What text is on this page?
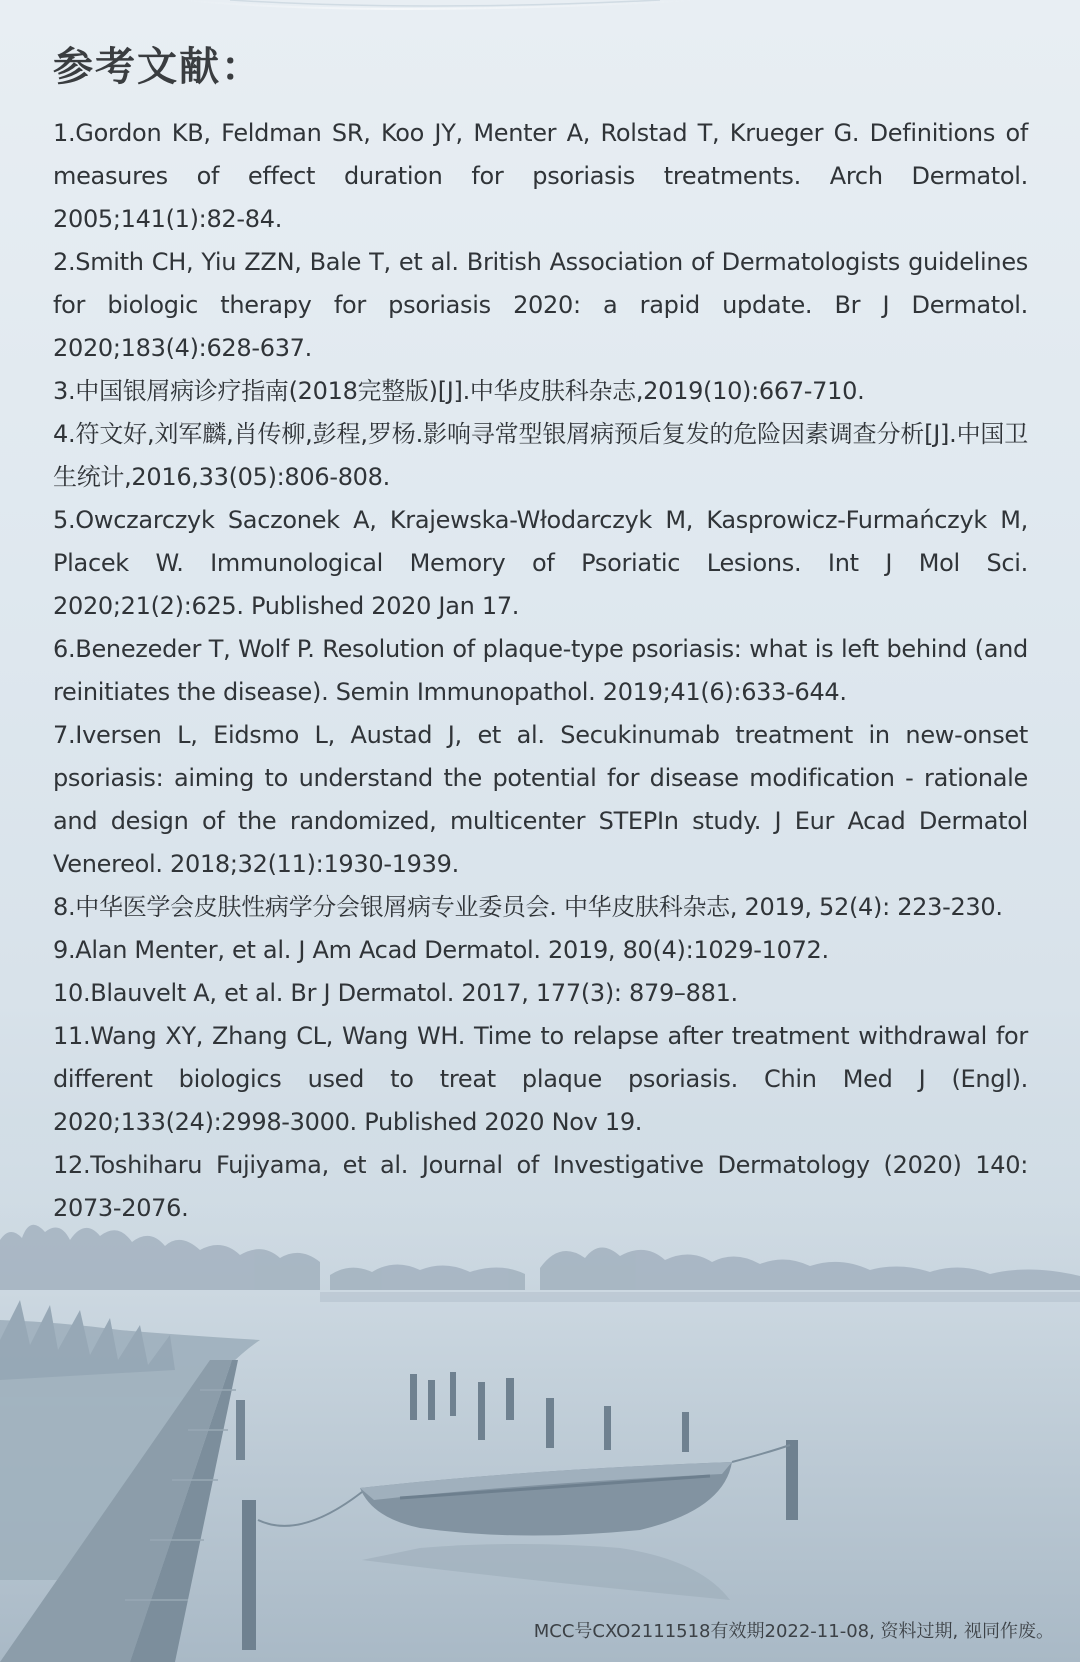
参考文献：
1.Gordon KB, Feldman SR, Koo JY, Menter A, Rolstad T, Krueger G. Definitions of measures of effect duration for psoriasis treatments. Arch Dermatol. 2005;141(1):82-84.
2.Smith CH, Yiu ZZN, Bale T, et al. British Association of Dermatologists guidelines for biologic therapy for psoriasis 2020: a rapid update. Br J Dermatol. 2020;183(4):628-637.
3.中国银屑病诊疗指南(2018完整版)[J].中华皮肤科杂志,2019(10):667-710.
4.符文好,刘军麟,肖传柳,彭程,罗杨.影响寻常型银屑病预后复发的危险因素调查分析[J].中国卫生统计,2016,33(05):806-808.
5.Owczarczyk Saczonek A, Krajewska-Włodarczyk M, Kasprowicz-Furmańczyk M, Placek W. Immunological Memory of Psoriatic Lesions. Int J Mol Sci. 2020;21(2):625. Published 2020 Jan 17.
6.Benezeder T, Wolf P. Resolution of plaque-type psoriasis: what is left behind (and reinitiates the disease). Semin Immunopathol. 2019;41(6):633-644.
7.Iversen L, Eidsmo L, Austad J, et al. Secukinumab treatment in new-onset psoriasis: aiming to understand the potential for disease modification - rationale and design of the randomized, multicenter STEPIn study. J Eur Acad Dermatol Venereol. 2018;32(11):1930-1939.
8.中华医学会皮肤性病学分会银屑病专业委员会. 中华皮肤科杂志, 2019, 52(4): 223-230.
9.Alan Menter, et al. J Am Acad Dermatol. 2019, 80(4):1029-1072.
10.Blauvelt A, et al. Br J Dermatol. 2017, 177(3): 879–881.
11.Wang XY, Zhang CL, Wang WH. Time to relapse after treatment withdrawal for different biologics used to treat plaque psoriasis. Chin Med J (Engl). 2020;133(24):2998-3000. Published 2020 Nov 19.
12.Toshiharu Fujiyama, et al. Journal of Investigative Dermatology (2020) 140: 2073-2076.
MCC号CXO2111518有效期2022-11-08, 资料过期, 视同作废。
